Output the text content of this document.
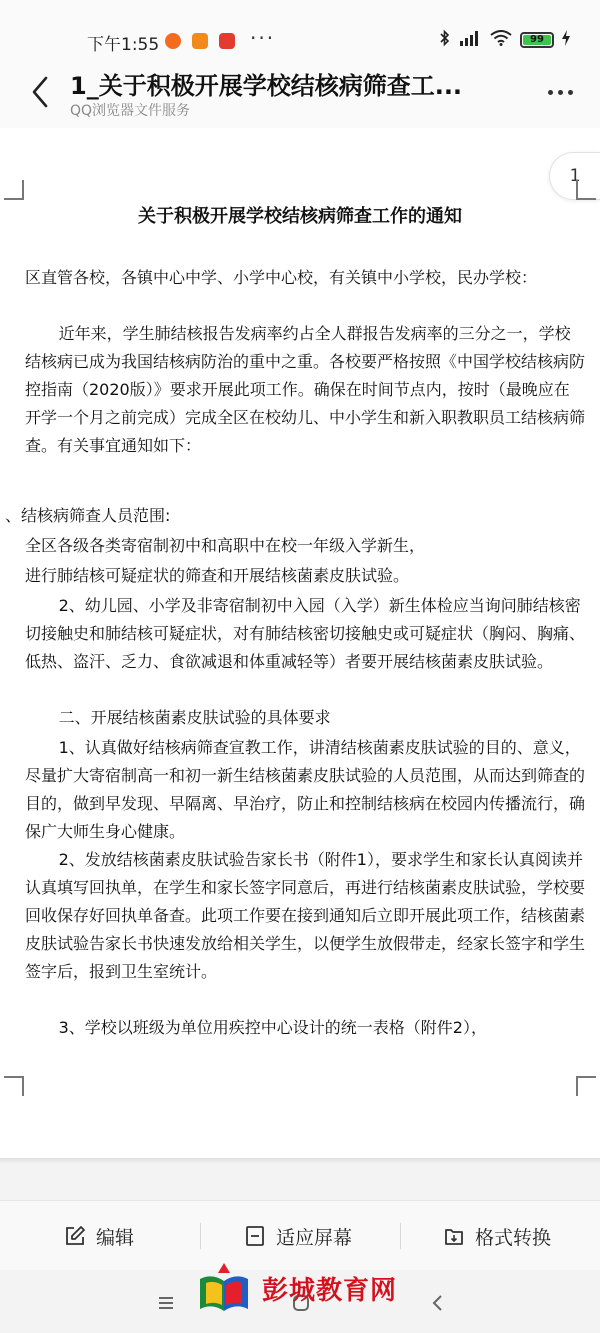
下午1:55	···	99
1_关于积极开展学校结核病筛查工...
QQ浏览器文件服务
1
关于积极开展学校结核病筛查工作的通知

区直管各校，各镇中心中学、小学中心校，有关镇中小学校，民办学校：

近年来，学生肺结核报告发病率约占全人群报告发病率的三分之一，学校结核病已成为我国结核病防治的重中之重。各校要严格按照《中国学校结核病防控指南（2020版）》要求开展此项工作。确保在时间节点内，按时（最晚应在开学一个月之前完成）完成全区在校幼儿、中小学生和新入职教职员工结核病筛查。有关事宜通知如下：

、结核病筛查人员范围:

全区各级各类寄宿制初中和高职中在校一年级入学新生，

进行肺结核可疑症状的筛查和开展结核菌素皮肤试验。

2、幼儿园、小学及非寄宿制初中入园（入学）新生体检应当询问肺结核密切接触史和肺结核可疑症状，对有肺结核密切接触史或可疑症状（胸闷、胸痛、低热、盗汗、乏力、食欲减退和体重减轻等）者要开展结核菌素皮肤试验。

二、开展结核菌素皮肤试验的具体要求

1、认真做好结核病筛查宣教工作，讲清结核菌素皮肤试验的目的、意义，尽量扩大寄宿制高一和初一新生结核菌素皮肤试验的人员范围，从而达到筛查的目的，做到早发现、早隔离、早治疗，防止和控制结核病在校园内传播流行，确保广大师生身心健康。

2、发放结核菌素皮肤试验告家长书（附件1），要求学生和家长认真阅读并认真填写回执单，在学生和家长签字同意后，再进行结核菌素皮肤试验，学校要回收保存好回执单备查。此项工作要在接到通知后立即开展此项工作，结核菌素皮肤试验告家长书快速发放给相关学生，以便学生放假带走，经家长签字和学生签字后，报到卫生室统计。

3、学校以班级为单位用疾控中心设计的统一表格（附件2），

编辑	适应屏幕	格式转换
彭城教育网
